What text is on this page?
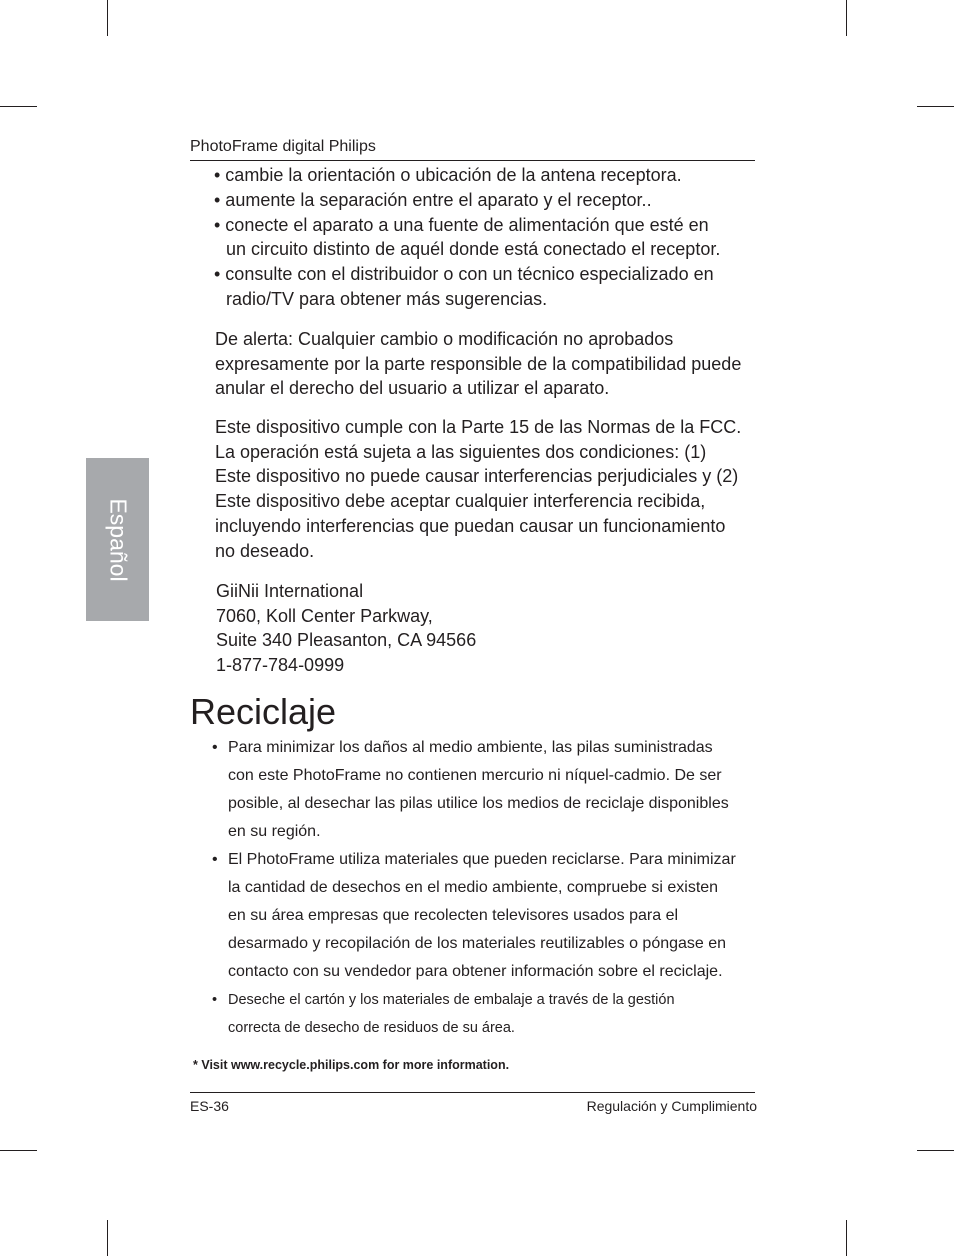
PhotoFrame digital Philips
Español
• cambie la orientación o ubicación de la antena receptora.
• aumente la separación entre el aparato y el receptor..
• conecte el aparato a una fuente de alimentación que esté en
un circuito distinto de aquél donde está conectado el receptor.
• consulte con el distribuidor o con un técnico especializado en
radio/TV para obtener más sugerencias.
De alerta: Cualquier cambio o modificación no aprobados
expresamente por la parte responsible de la compatibilidad puede
anular el derecho del usuario a utilizar el aparato.
Este dispositivo cumple con la Parte 15 de las Normas de la FCC.
La operación está sujeta a las siguientes dos condiciones: (1)
Este dispositivo no puede causar interferencias perjudiciales y (2)
Este dispositivo debe aceptar cualquier interferencia recibida,
incluyendo interferencias que puedan causar un funcionamiento
no deseado.
GiiNii International
7060, Koll Center Parkway,
Suite 340 Pleasanton, CA 94566
1-877-784-0999
Reciclaje
• Para minimizar los daños al medio ambiente, las pilas suministradas
con este PhotoFrame no contienen mercurio ni níquel-cadmio. De ser
posible, al desechar las pilas utilice los medios de reciclaje disponibles
en su región.
• El PhotoFrame utiliza materiales que pueden reciclarse. Para minimizar
la cantidad de desechos en el medio ambiente, compruebe si existen
en su área empresas que recolecten televisores usados para el
desarmado y recopilación de los materiales reutilizables o póngase en
contacto con su vendedor para obtener información sobre el reciclaje.
• Deseche el cartón y los materiales de embalaje a través de la gestión
correcta de desecho de residuos de su área.
* Visit www.recycle.philips.com for more information.
ES-36	Regulación y Cumplimiento
